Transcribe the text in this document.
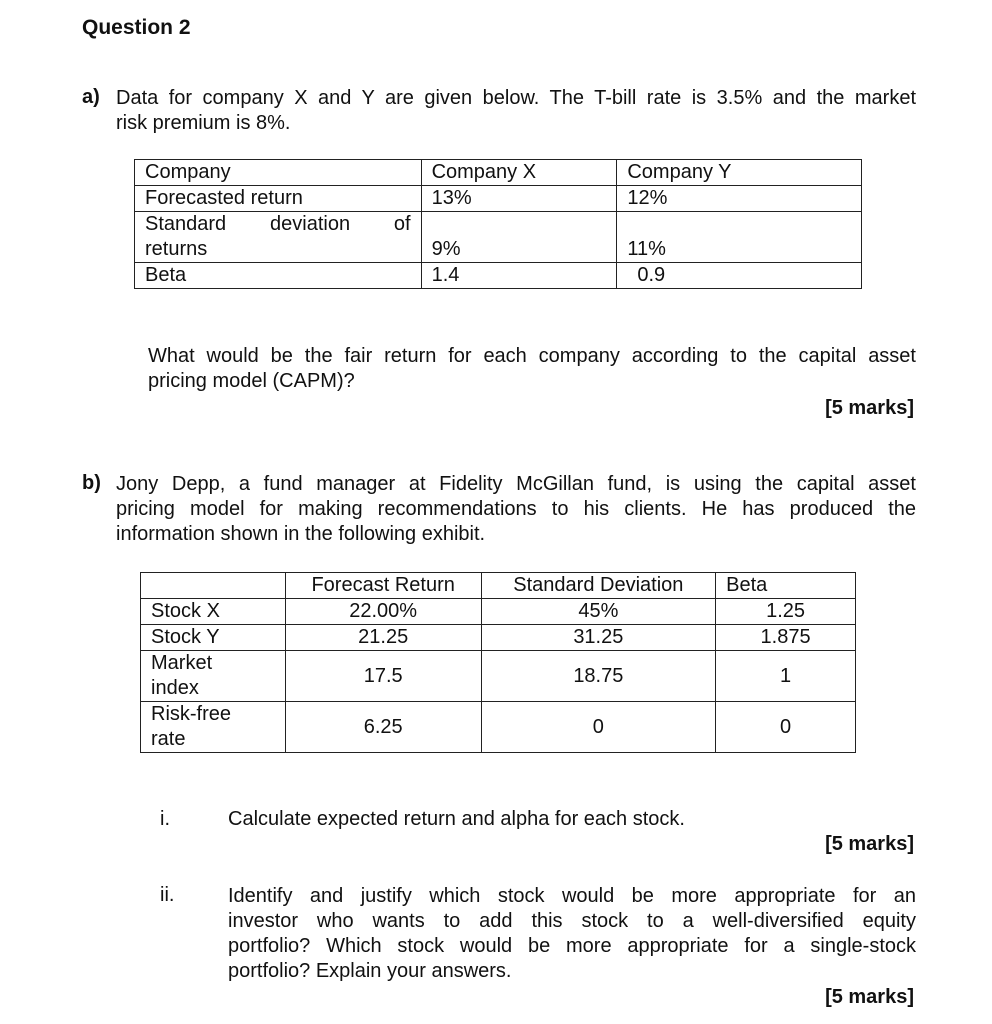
Question 2
a) Data for company X and Y are given below. The T-bill rate is 3.5% and the market
risk premium is 8%.
Company	Company X	Company Y
Forecasted return	13%	12%

Standard deviation of
returns	9%	11%
Beta	1.4	0.9
What would be the fair return for each company according to the capital asset
pricing model (CAPM)?
[5 marks]
b) Jony Depp, a fund manager at Fidelity McGillan fund, is using the capital asset
pricing model for making recommendations to his clients. He has produced the
information shown in the following exhibit.
	Forecast Return	Standard Deviation	Beta
Stock X	22.00%	45%	1.25
Stock Y	21.25	31.25	1.875

Market
index	17.5	18.75	1

Risk-free
rate	6.25	0	0
i.	Calculate expected return and alpha for each stock.
[5 marks]
ii.	Identify and justify which stock would be more appropriate for an
investor who wants to add this stock to a well-diversified equity
portfolio? Which stock would be more appropriate for a single-stock
portfolio? Explain your answers.
[5 marks]
